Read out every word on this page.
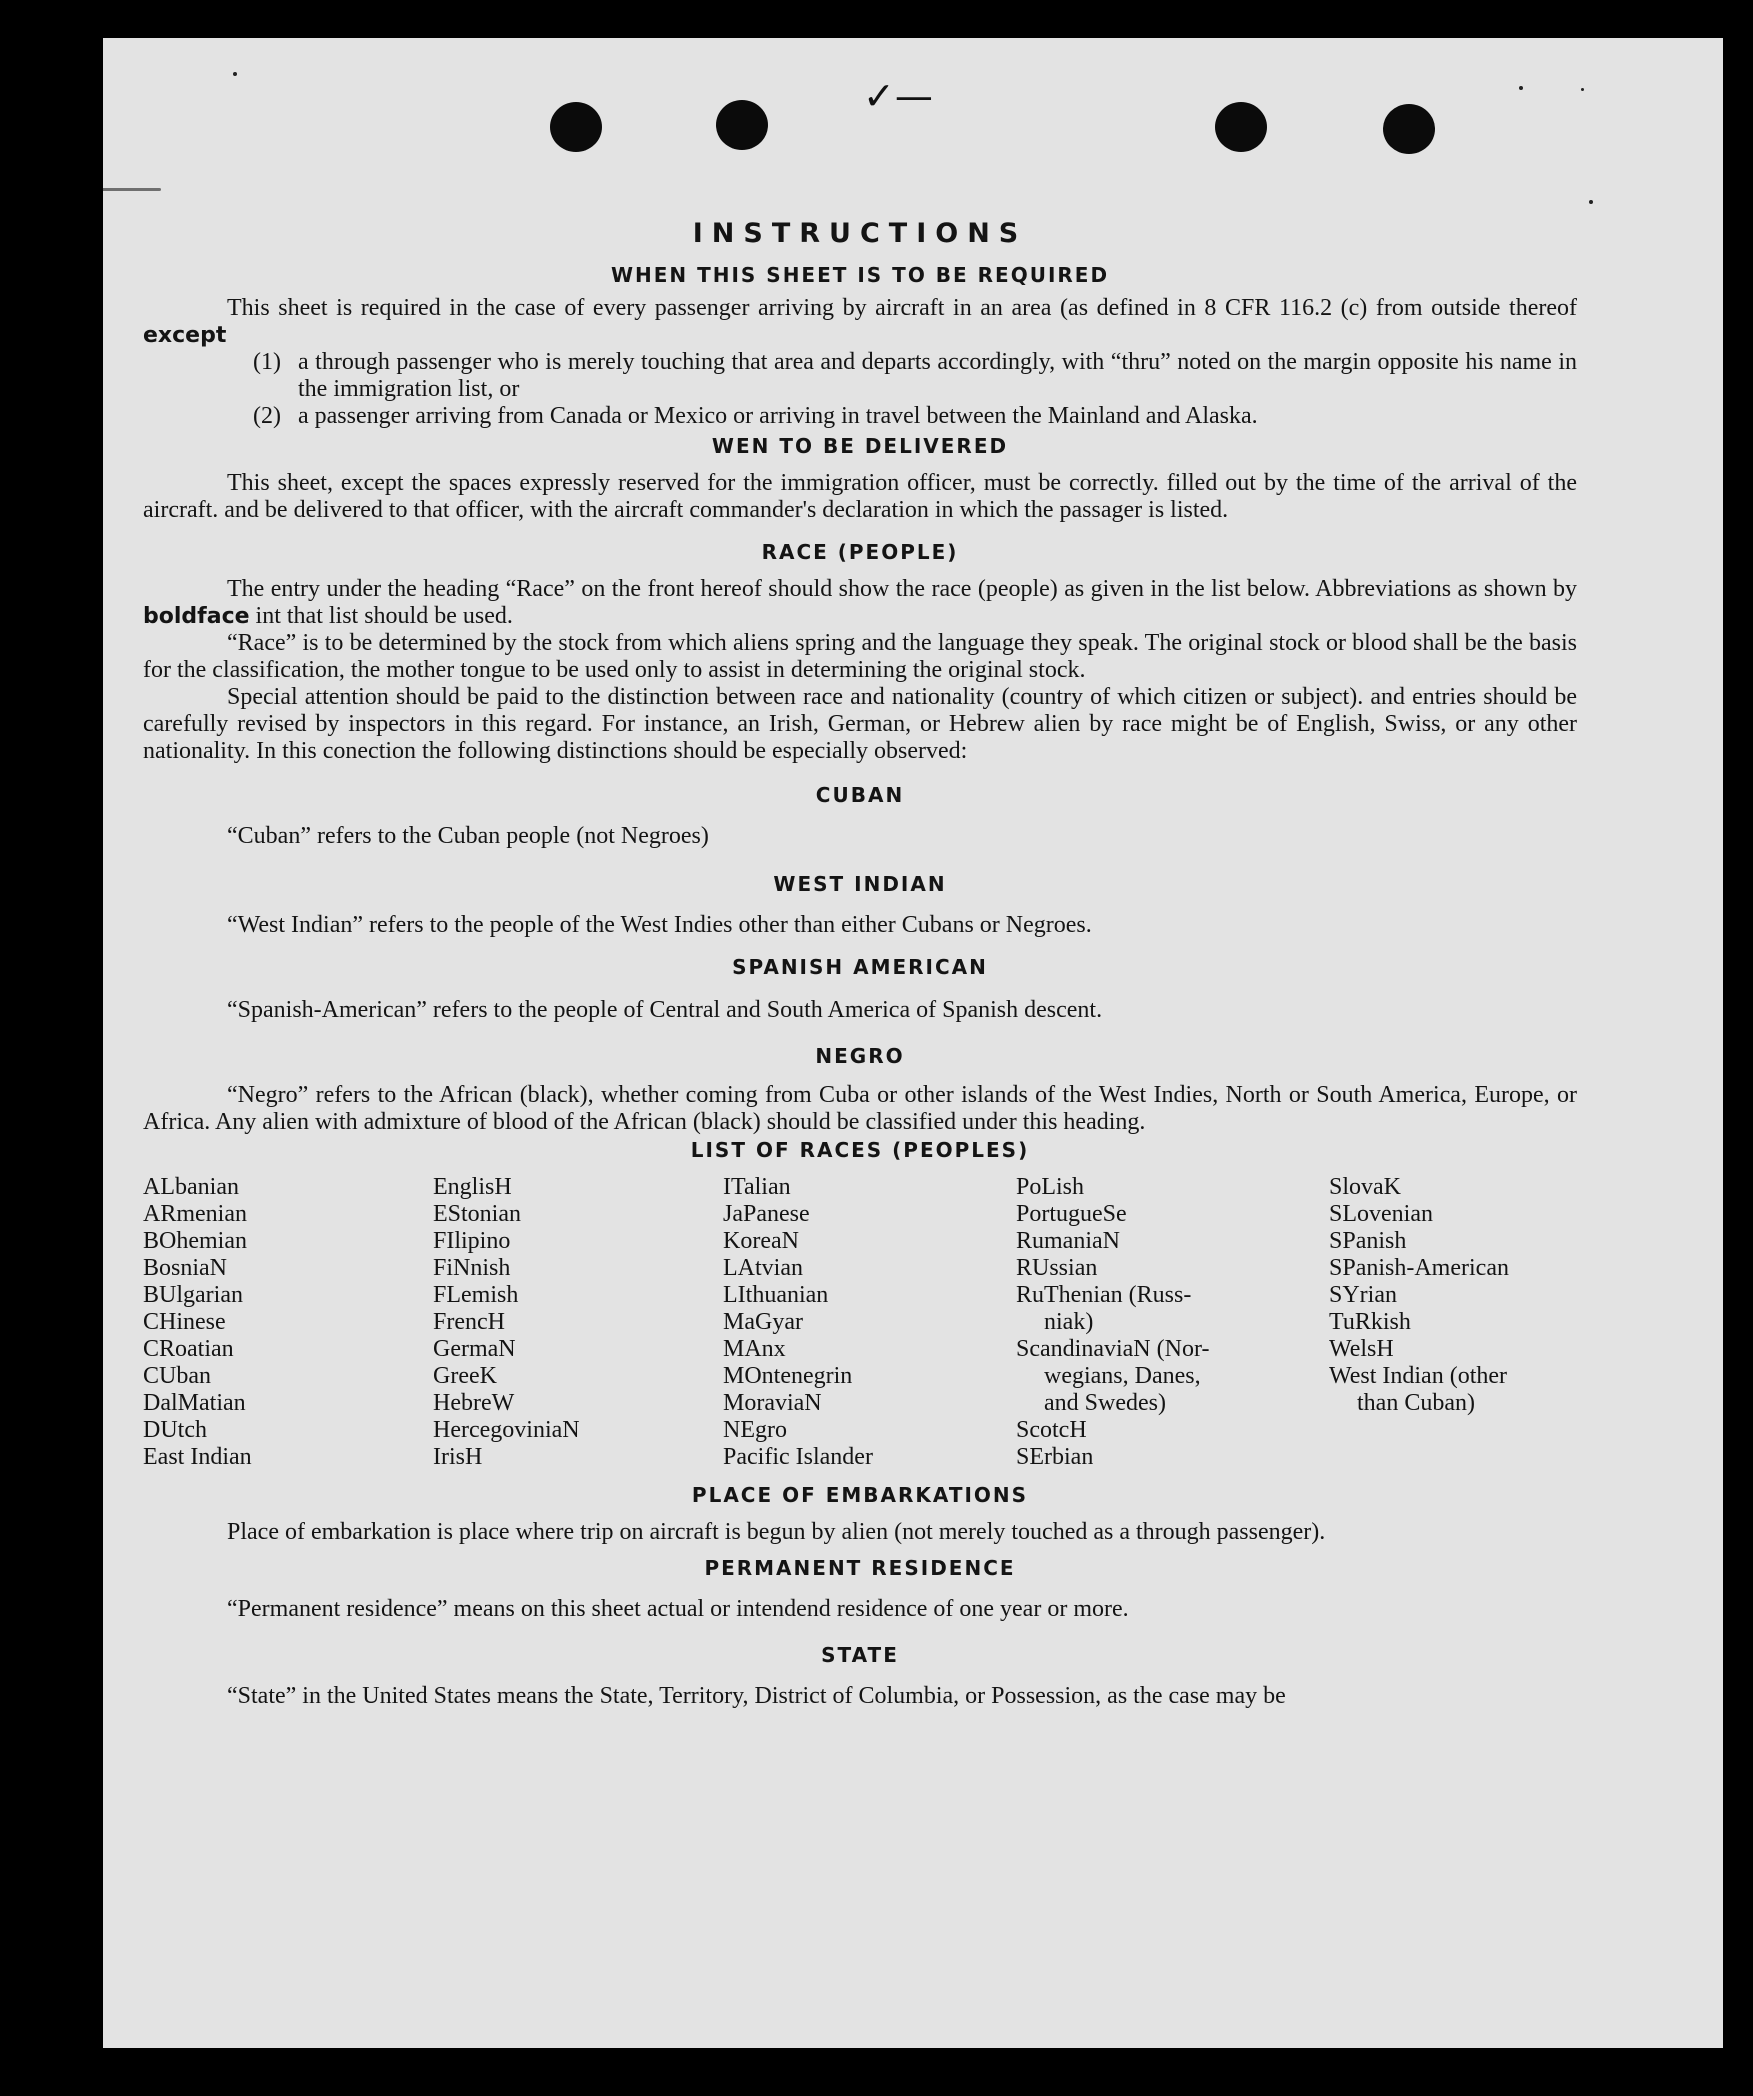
✓—
INSTRUCTIONS
WHEN THIS SHEET IS TO BE REQUIRED

This sheet is required in the case of every passenger arriving by aircraft in an area (as defined in 8 CFR 116.2 (c) from outside thereof except

(1) a through passenger who is merely touching that area and departs accordingly, with “thru” noted on the margin opposite his name in the immigration list, or
(2) a passenger arriving from Canada or Mexico or arriving in travel between the Mainland and Alaska.
WEN TO BE DELIVERED

This sheet, except the spaces expressly reserved for the immigration officer, must be correctly. filled out by the time of the arrival of the aircraft. and be delivered to that officer, with the aircraft commander's declaration in which the passager is listed.

RACE (PEOPLE)

The entry under the heading “Race” on the front hereof should show the race (people) as given in the list below. Abbreviations as shown by boldface int that list should be used.

“Race” is to be determined by the stock from which aliens spring and the language they speak. The original stock or blood shall be the basis for the classification, the mother tongue to be used only to assist in determining the original stock.

Special attention should be paid to the distinction between race and nationality (country of which citizen or subject). and entries should be carefully revised by inspectors in this regard. For instance, an Irish, German, or Hebrew alien by race might be of English, Swiss, or any other nationality. In this conection the following distinctions should be especially observed:

CUBAN

“Cuban” refers to the Cuban people (not Negroes)

WEST INDIAN

“West Indian” refers to the people of the West Indies other than either Cubans or Negroes.

SPANISH AMERICAN

“Spanish-American” refers to the people of Central and South America of Spanish descent.

NEGRO

“Negro” refers to the African (black), whether coming from Cuba or other islands of the West Indies, North or South America, Europe, or Africa. Any alien with admixture of blood of the African (black) should be classified under this heading.

LIST OF RACES (PEOPLES)
ALbanian
ARmenian
BOhemian
BosniaN
BUlgarian
CHinese
CRoatian
CUban
DalMatian
DUtch
East Indian
EnglisH
EStonian
FIlipino
FiNnish
FLemish
FrencH
GermaN
GreeK
HebreW
HercegoviniaN
IrisH
ITalian
JaPanese
KoreaN
LAtvian
LIthuanian
MaGyar
MAnx
MOntenegrin
MoraviaN
NEgro
Pacific Islander
PoLish
PortugueSe
RumaniaN
RUssian
RuThenian (Russ-
niak)
ScandinaviaN (Nor-
wegians, Danes,
and Swedes)
ScotcH
SErbian
SlovaK
SLovenian
SPanish
SPanish-American
SYrian
TuRkish
WelsH
West Indian (other
than Cuban)
PLACE OF EMBARKATIONS

Place of embarkation is place where trip on aircraft is begun by alien (not merely touched as a through passenger).

PERMANENT RESIDENCE

“Permanent residence” means on this sheet actual or intendend residence of one year or more.

STATE

“State” in the United States means the State, Territory, District of Columbia, or Possession, as the case may be
